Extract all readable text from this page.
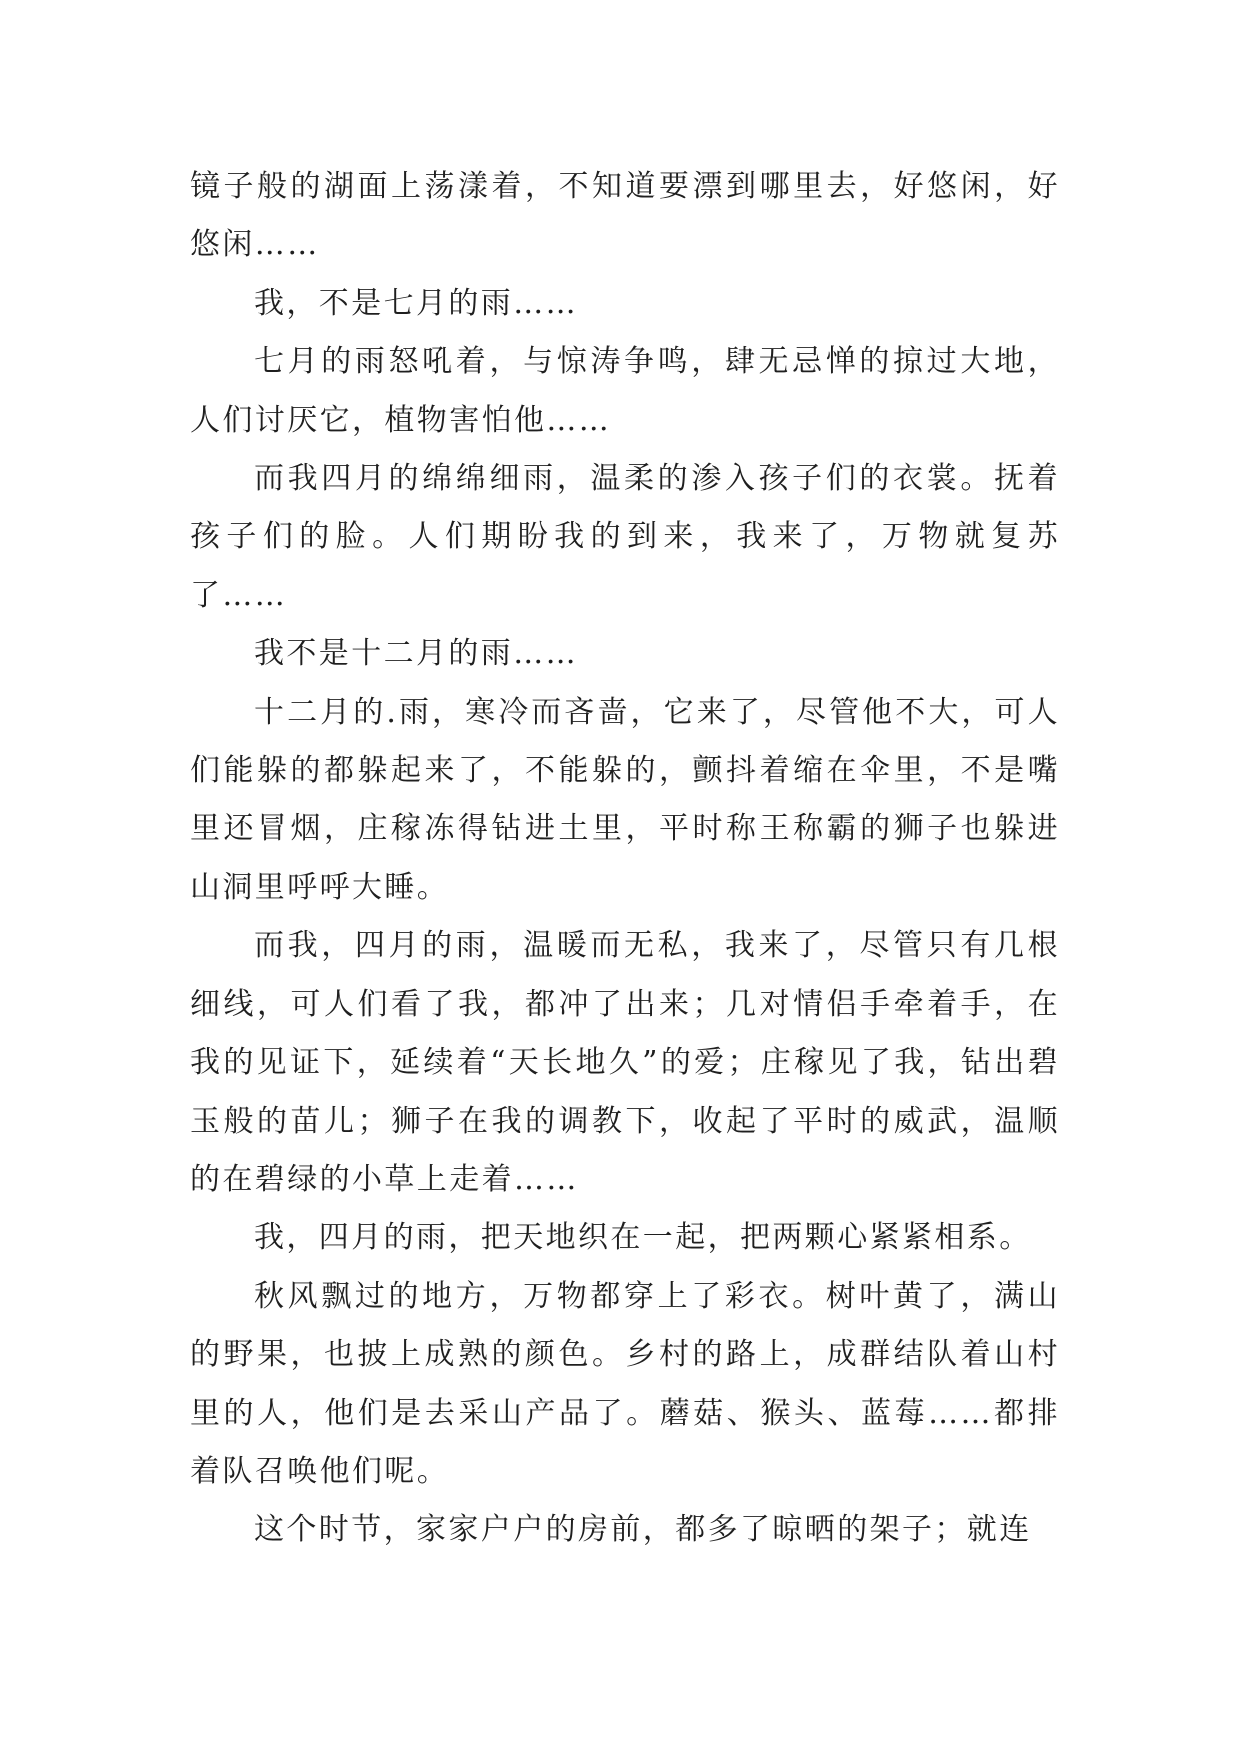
镜子般的湖面上荡漾着，不知道要漂到哪里去，好悠闲，好悠闲……

我，不是七月的雨……

七月的雨怒吼着，与惊涛争鸣，肆无忌惮的掠过大地，人们讨厌它，植物害怕他……

而我四月的绵绵细雨，温柔的渗入孩子们的衣裳。抚着孩子们的脸。人们期盼我的到来，我来了，万物就复苏了……

我不是十二月的雨……

十二月的.雨，寒冷而吝啬，它来了，尽管他不大，可人们能躲的都躲起来了，不能躲的，颤抖着缩在伞里，不是嘴里还冒烟，庄稼冻得钻进土里，平时称王称霸的狮子也躲进山洞里呼呼大睡。

而我，四月的雨，温暖而无私，我来了，尽管只有几根细线，可人们看了我，都冲了出来；几对情侣手牵着手，在我的见证下，延续着“天长地久”的爱；庄稼见了我，钻出碧玉般的苗儿；狮子在我的调教下，收起了平时的威武，温顺的在碧绿的小草上走着……

我，四月的雨，把天地织在一起，把两颗心紧紧相系。

秋风飘过的地方，万物都穿上了彩衣。树叶黄了，满山的野果，也披上成熟的颜色。乡村的路上，成群结队着山村里的人，他们是去采山产品了。蘑菇、猴头、蓝莓……都排着队召唤他们呢。

这个时节，家家户户的房前，都多了晾晒的架子；就连
